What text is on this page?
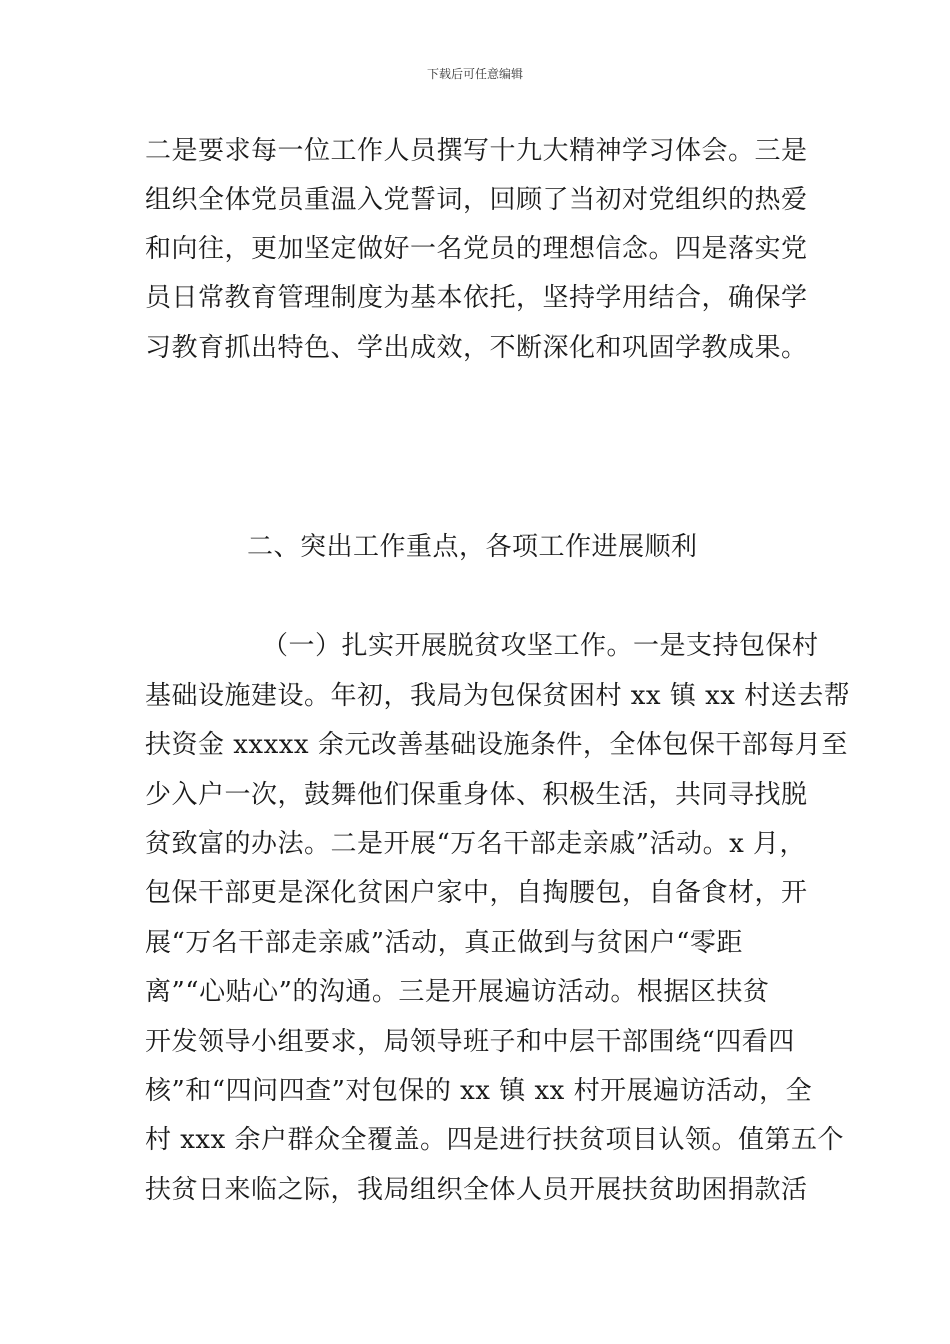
下载后可任意编辑
二是要求每一位工作人员撰写十九大精神学习体会。三是
组织全体党员重温入党誓词，回顾了当初对党组织的热爱
和向往，更加坚定做好一名党员的理想信念。四是落实党
员日常教育管理制度为基本依托，坚持学用结合，确保学
习教育抓出特色、学出成效，不断深化和巩固学教成果。
二、突出工作重点，各项工作进展顺利
（一）扎实开展脱贫攻坚工作。一是支持包保村
基础设施建设。年初，我局为包保贫困村 xx 镇 xx 村送去帮
扶资金 xxxxx 余元改善基础设施条件，全体包保干部每月至
少入户一次，鼓舞他们保重身体、积极生活，共同寻找脱
贫致富的办法。二是开展“万名干部走亲戚”活动。x 月，
包保干部更是深化贫困户家中，自掏腰包，自备食材，开
展“万名干部走亲戚”活动，真正做到与贫困户“零距
离”“心贴心”的沟通。三是开展遍访活动。根据区扶贫
开发领导小组要求，局领导班子和中层干部围绕“四看四
核”和“四问四查”对包保的 xx 镇 xx 村开展遍访活动，全
村 xxx 余户群众全覆盖。四是进行扶贫项目认领。值第五个
扶贫日来临之际，我局组织全体人员开展扶贫助困捐款活
